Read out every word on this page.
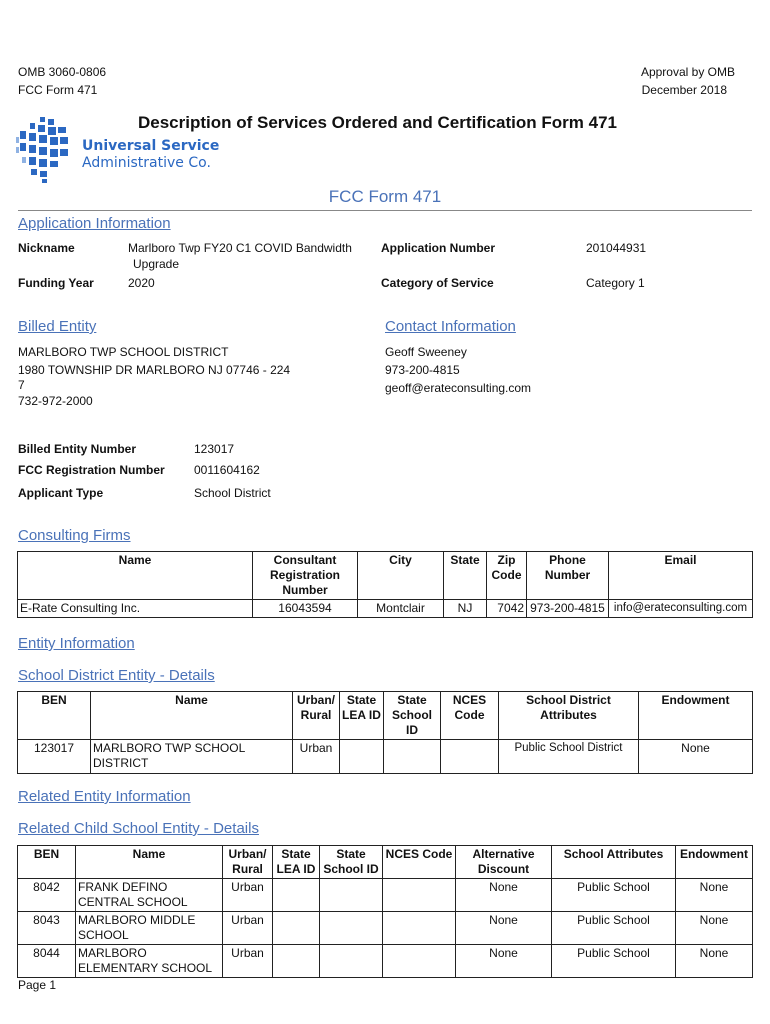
OMB 3060-0806
FCC Form 471
Approval by OMB
December 2018
Universal Service
Administrative Co.
Description of Services Ordered and Certification Form 471
FCC Form 471
Application Information
Nickname	Marlboro Twp FY20 C1 COVID Bandwidth
Upgrade
Funding Year	2020
Application Number	201044931
Category of Service	Category 1
Billed Entity
MARLBORO TWP SCHOOL DISTRICT
1980 TOWNSHIP DR MARLBORO NJ 07746 - 224
7
732-972-2000
Contact Information
Geoff Sweeney
973-200-4815
geoff@erateconsulting.com
Billed Entity Number	123017
FCC Registration Number 0011604162
Applicant Type	School District
Consulting Firms
Name	Consultant Registration Number	City	State	Zip Code	Phone Number	Email
E-Rate Consulting Inc.	16043594	Montclair	NJ	7042	973-200-4815	info@erateconsulting.com
Entity Information
School District Entity - Details
BEN	Name	Urban/ Rural	State LEA ID	State School ID	NCES Code	School District Attributes	Endowment
123017	MARLBORO TWP SCHOOL DISTRICT	Urban				Public School District	None
Related Entity Information
Related Child School Entity - Details
BEN	Name	Urban/ Rural	State LEA ID	State School ID	NCES Code	Alternative Discount	School Attributes	Endowment
8042	FRANK DEFINO CENTRAL SCHOOL	Urban				None	Public School	None
8043	MARLBORO MIDDLE SCHOOL	Urban				None	Public School	None
8044	MARLBORO ELEMENTARY SCHOOL	Urban				None	Public School	None
Page 1
